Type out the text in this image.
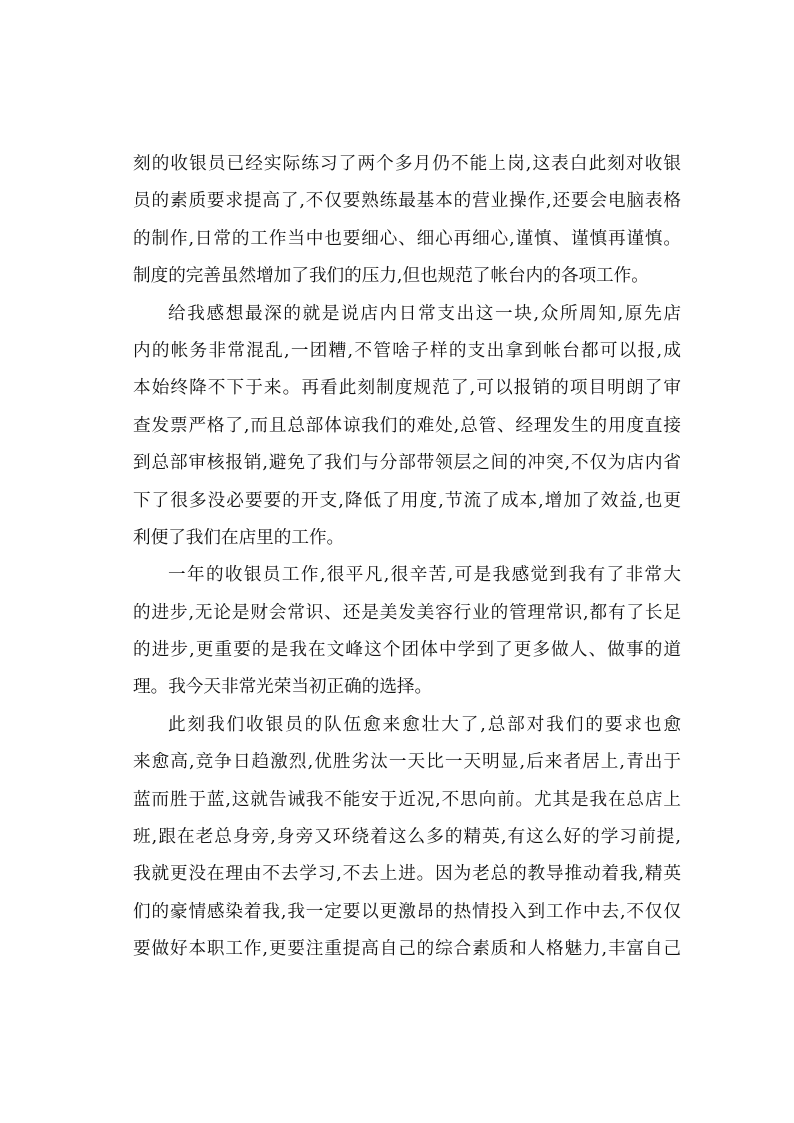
刻的收银员已经实际练习了两个多月仍不能上岗,这表白此刻对收银
员的素质要求提高了,不仅要熟练最基本的营业操作,还要会电脑表格
的制作,日常的工作当中也要细心、细心再细心,谨慎、谨慎再谨慎。
制度的完善虽然增加了我们的压力,但也规范了帐台内的各项工作。
给我感想最深的就是说店内日常支出这一块,众所周知,原先店
内的帐务非常混乱,一团糟,不管啥子样的支出拿到帐台都可以报,成
本始终降不下于来。再看此刻制度规范了,可以报销的项目明朗了审
查发票严格了,而且总部体谅我们的难处,总管、经理发生的用度直接
到总部审核报销,避免了我们与分部带领层之间的冲突,不仅为店内省
下了很多没必要要的开支,降低了用度,节流了成本,增加了效益,也更
利便了我们在店里的工作。
一年的收银员工作,很平凡,很辛苦,可是我感觉到我有了非常大
的进步,无论是财会常识、还是美发美容行业的管理常识,都有了长足
的进步,更重要的是我在文峰这个团体中学到了更多做人、做事的道
理。我今天非常光荣当初正确的选择。
此刻我们收银员的队伍愈来愈壮大了,总部对我们的要求也愈
来愈高,竞争日趋激烈,优胜劣汰一天比一天明显,后来者居上,青出于
蓝而胜于蓝,这就告诫我不能安于近况,不思向前。尤其是我在总店上
班,跟在老总身旁,身旁又环绕着这么多的精英,有这么好的学习前提,
我就更没在理由不去学习,不去上进。因为老总的教导推动着我,精英
们的豪情感染着我,我一定要以更激昂的热情投入到工作中去,不仅仅
要做好本职工作,更要注重提高自己的综合素质和人格魅力,丰富自己
